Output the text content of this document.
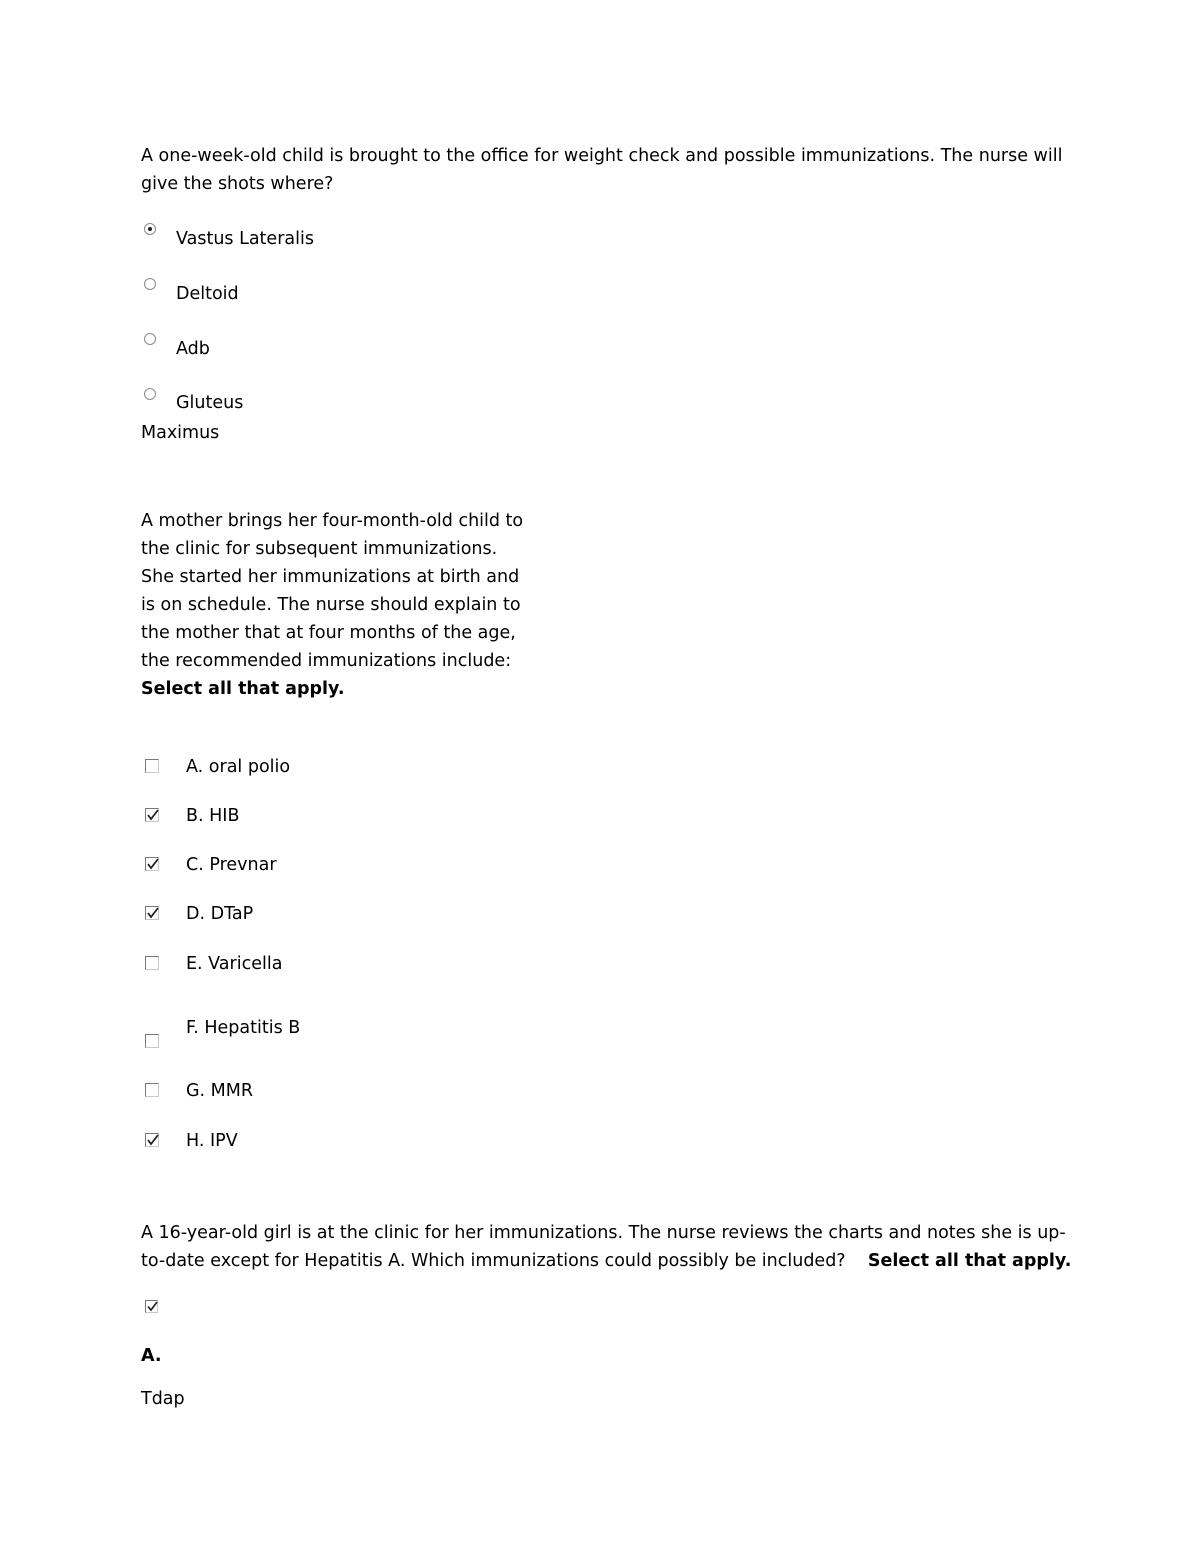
A one-week-old child is brought to the office for weight check and possible immunizations. The nurse will give the shots where?
Vastus Lateralis
Deltoid
Adb
Gluteus
Maximus
A mother brings her four-month-old child to the clinic for subsequent immunizations. She started her immunizations at birth and is on schedule. The nurse should explain to the mother that at four months of the age, the recommended immunizations include:    Select all that apply.
A. oral polio
B. HIB
C. Prevnar
D. DTaP
E. Varicella
F. Hepatitis B
G. MMR
H. IPV
A 16-year-old girl is at the clinic for her immunizations. The nurse reviews the charts and notes she is up-to-date except for Hepatitis A. Which immunizations could possibly be included? Select all that apply.
A.
Tdap
